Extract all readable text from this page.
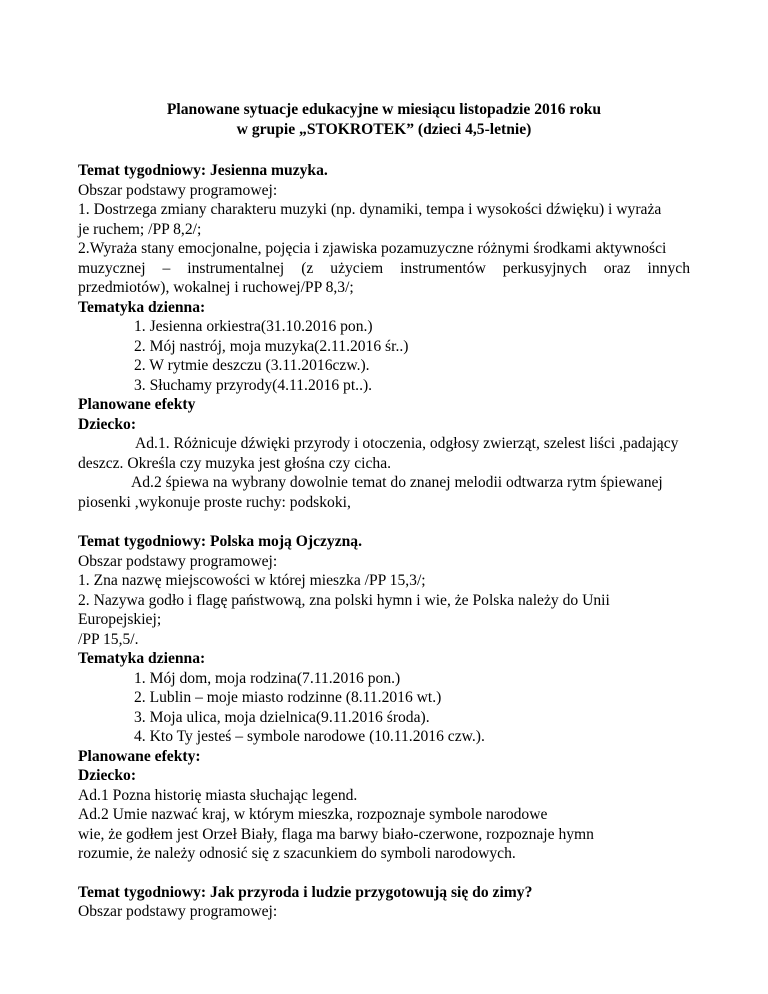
Planowane sytuacje edukacyjne w miesiącu listopadzie 2016 roku
w grupie „STOKROTEK” (dzieci 4,5-letnie)

Temat tygodniowy: Jesienna muzyka.

Obszar podstawy programowej:

1. Dostrzega zmiany charakteru muzyki (np. dynamiki, tempa i wysokości dźwięku) i wyraża

je ruchem; /PP 8,2/;

2.Wyraża stany emocjonalne, pojęcia i zjawiska pozamuzyczne różnymi środkami aktywności

muzycznej – instrumentalnej (z użyciem instrumentów perkusyjnych oraz innych

przedmiotów), wokalnej i ruchowej/PP 8,3/;

Tematyka dzienna:

1. Jesienna orkiestra(31.10.2016 pon.)

2. Mój nastrój, moja muzyka(2.11.2016 śr..)

2. W rytmie deszczu (3.11.2016czw.).

3. Słuchamy przyrody(4.11.2016 pt..).

Planowane efekty

Dziecko:

Ad.1. Różnicuje dźwięki przyrody i otoczenia, odgłosy zwierząt, szelest liści ,padający

deszcz. Określa czy muzyka jest głośna czy cicha.

Ad.2 śpiewa na wybrany dowolnie temat do znanej melodii odtwarza rytm śpiewanej

piosenki ,wykonuje proste ruchy: podskoki,

Temat tygodniowy: Polska moją Ojczyzną.

Obszar podstawy programowej:

1. Zna nazwę miejscowości w której mieszka /PP 15,3/;

2. Nazywa godło i flagę państwową, zna polski hymn i wie, że Polska należy do Unii

Europejskiej;

/PP 15,5/.

Tematyka dzienna:

1. Mój dom, moja rodzina(7.11.2016 pon.)

2. Lublin – moje miasto rodzinne (8.11.2016 wt.)

3. Moja ulica, moja dzielnica(9.11.2016 środa).

4. Kto Ty jesteś – symbole narodowe (10.11.2016 czw.).

Planowane efekty:

Dziecko:

Ad.1 Pozna historię miasta słuchając legend.

Ad.2 Umie nazwać kraj, w którym mieszka, rozpoznaje symbole narodowe

wie, że godłem jest Orzeł Biały, flaga ma barwy biało-czerwone, rozpoznaje hymn

rozumie, że należy odnosić się z szacunkiem do symboli narodowych.

Temat tygodniowy: Jak przyroda i ludzie przygotowują się do zimy?

Obszar podstawy programowej:
